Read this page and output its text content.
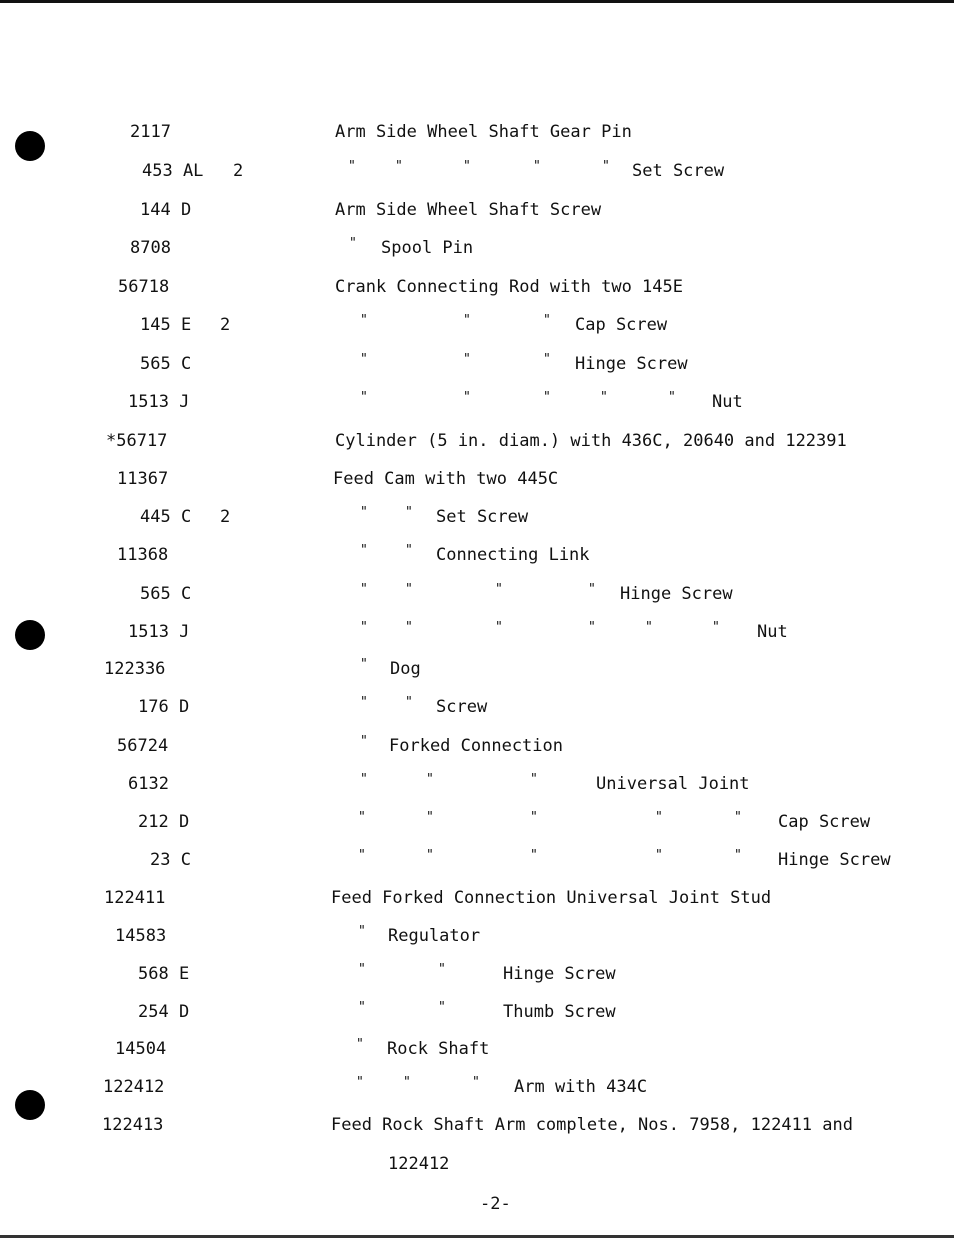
2117	Arm Side Wheel Shaft Gear Pin
453 AL 2	"	"	"	"	" Set Screw
144 D	Arm Side Wheel Shaft Screw
8708	" Spool Pin
56718	Crank Connecting Rod with two 145E
145 E 2	"	"	" Cap Screw
565 C	"	"	" Hinge Screw
1513 J	"	"	"	"	" Nut
*56717	Cylinder (5 in. diam.) with 436C, 20640 and 122391
11367	Feed Cam with two 445C
445 C 2	"	" Set Screw
11368	"	" Connecting Link
565 C	"	"	"	" Hinge Screw
1513 J	"	"	"	"	"	" Nut
122336	" Dog
176 D	"	" Screw
56724	" Forked Connection
6132	"	"	"	Universal Joint
212 D	"	"	"	"	" Cap Screw
23 C	"	"	"	"	" Hinge Screw
122411	Feed Forked Connection Universal Joint Stud
14583	" Regulator
568 E	"	"	Hinge Screw
254 D	"	"	Thumb Screw
14504	" Rock Shaft
122412	"	"	" Arm with 434C
122413	Feed Rock Shaft Arm complete, Nos. 7958, 122411 and
122412
-2-
